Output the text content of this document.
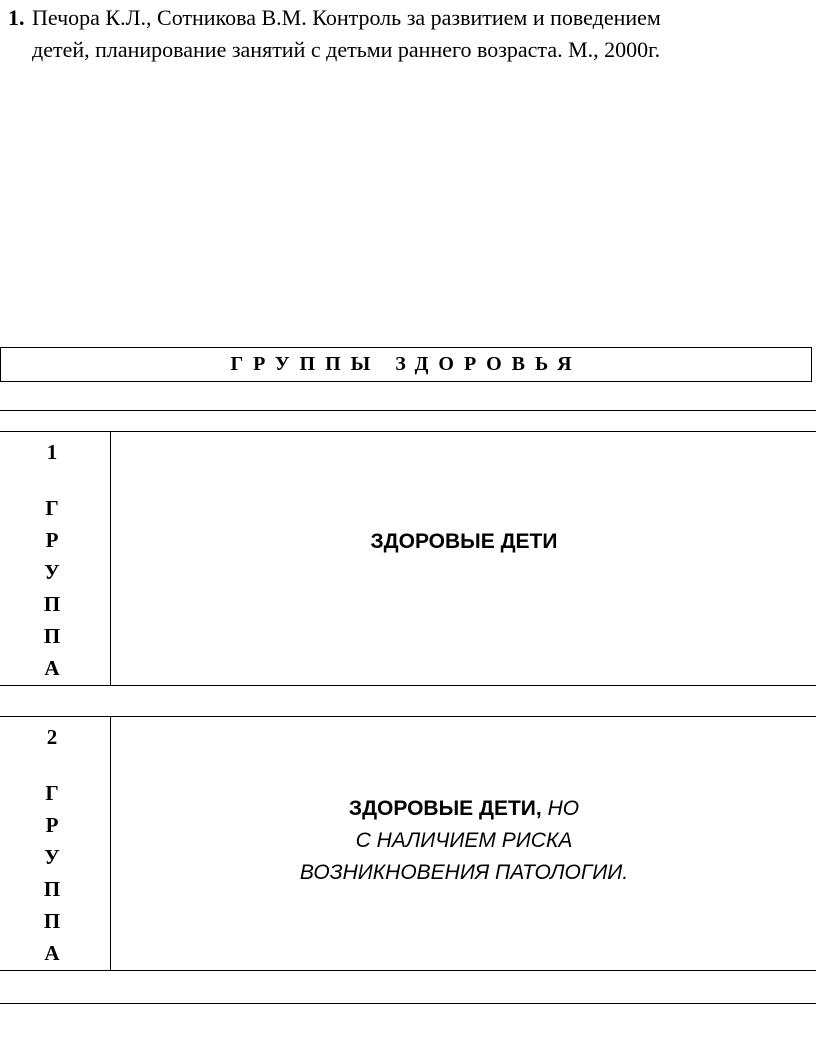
1. Печора К.Л., Сотникова В.М. Контроль за развитием и поведением
детей, планирование занятий с детьми раннего возраста. М., 2000г.
ГРУППЫ ЗДОРОВЬЯ
1
Г
Р
У
П
П
А
ЗДОРОВЫЕ ДЕТИ
2
Г
Р
У
П
П
А
ЗДОРОВЫЕ ДЕТИ, НО
С НАЛИЧИЕМ РИСКА
ВОЗНИКНОВЕНИЯ ПАТОЛОГИИ.
